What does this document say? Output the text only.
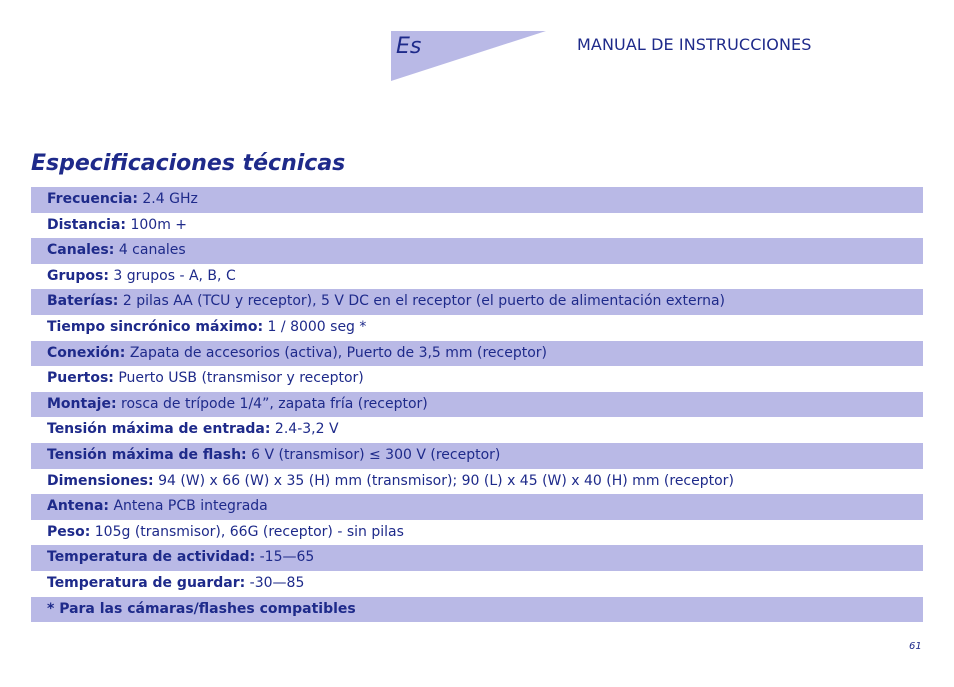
Es	MANUAL DE INSTRUCCIONES
Especificaciones técnicas
Frecuencia: 2.4 GHz
Distancia: 100m +
Canales: 4 canales
Grupos: 3 grupos - A, B, C
Baterías: 2 pilas AA (TCU y receptor), 5 V DC en el receptor (el puerto de alimentación externa)
Tiempo sincrónico máximo: 1 / 8000 seg *
Conexión: Zapata de accesorios (activa), Puerto de 3,5 mm (receptor)
Puertos: Puerto USB (transmisor y receptor)
Montaje: rosca de trípode 1/4”, zapata fría (receptor)
Tensión máxima de entrada: 2.4-3,2 V
Tensión máxima de flash: 6 V (transmisor) ≤ 300 V (receptor)
Dimensiones: 94 (W) x 66 (W) x 35 (H) mm (transmisor); 90 (L) x 45 (W) x 40 (H) mm (receptor)
Antena: Antena PCB integrada
Peso: 105g (transmisor), 66G (receptor) - sin pilas
Temperatura de actividad: -15—65
Temperatura de guardar: -30—85
* Para las cámaras/flashes compatibles
61
